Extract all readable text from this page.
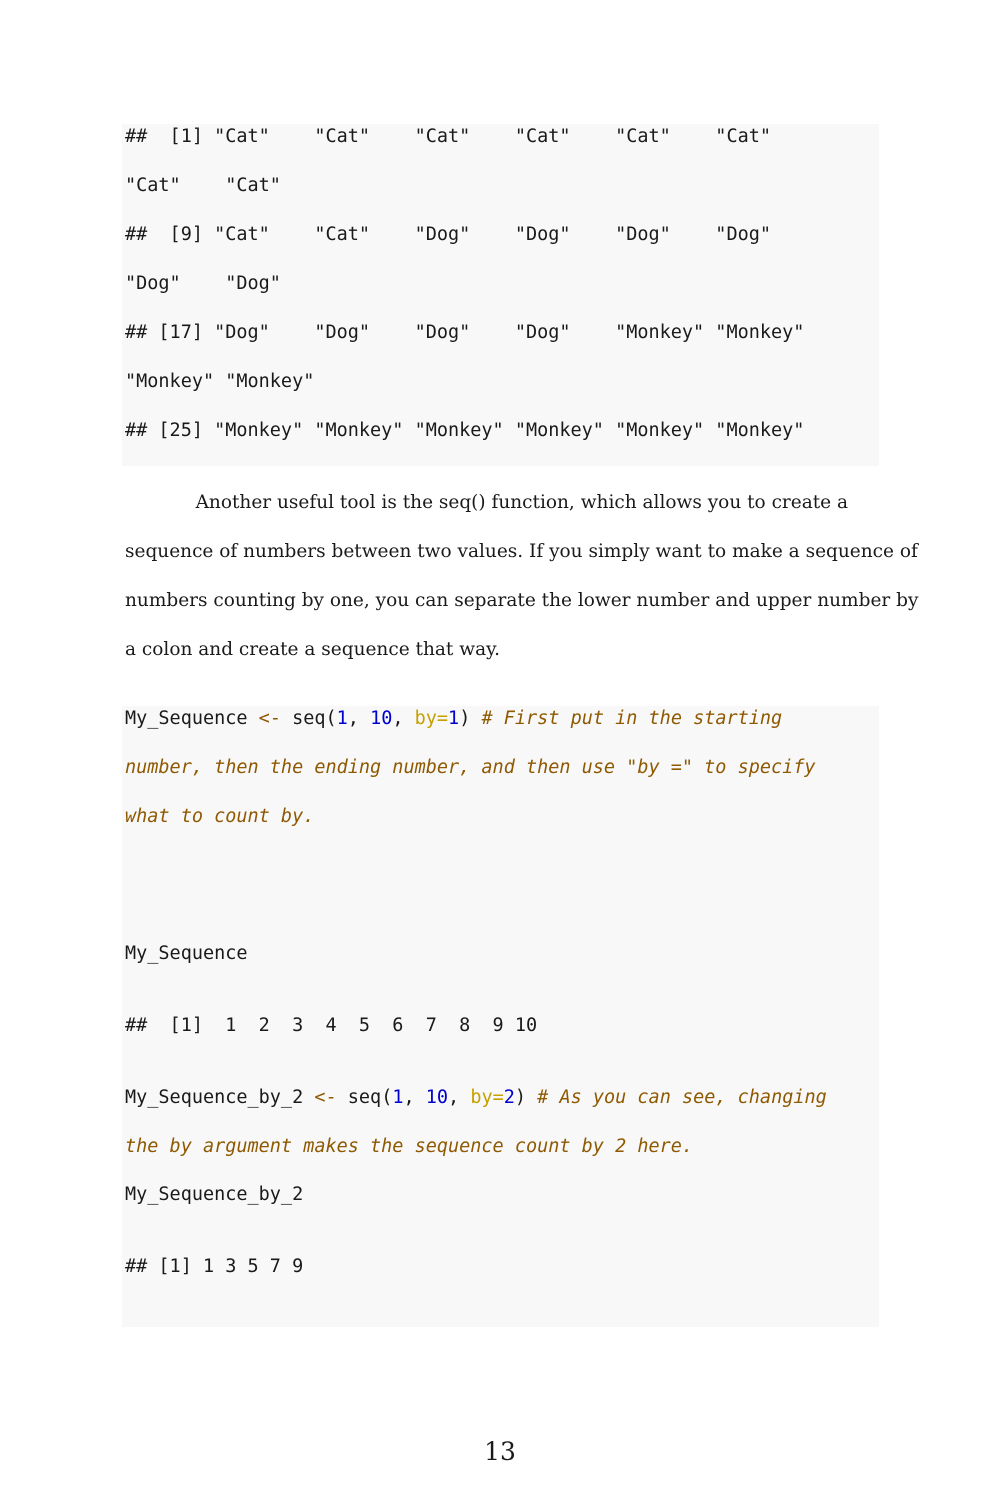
##  [1] "Cat"    "Cat"    "Cat"    "Cat"    "Cat"    "Cat"

"Cat"    "Cat"

##  [9] "Cat"    "Cat"    "Dog"    "Dog"    "Dog"    "Dog"

"Dog"    "Dog"

## [17] "Dog"    "Dog"    "Dog"    "Dog"    "Monkey" "Monkey"

"Monkey" "Monkey"

## [25] "Monkey" "Monkey" "Monkey" "Monkey" "Monkey" "Monkey"

Another useful tool is the seq() function, which allows you to create a

sequence of numbers between two values. If you simply want to make a sequence of

numbers counting by one, you can separate the lower number and upper number by

a colon and create a sequence that way.

My_Sequence <- seq(1, 10, by=1) # First put in the starting

number, then the ending number, and then use "by =" to specify

what to count by.

My_Sequence

##  [1]  1  2  3  4  5  6  7  8  9 10

My_Sequence_by_2 <- seq(1, 10, by=2) # As you can see, changing

the by argument makes the sequence count by 2 here.

My_Sequence_by_2

## [1] 1 3 5 7 9

13
